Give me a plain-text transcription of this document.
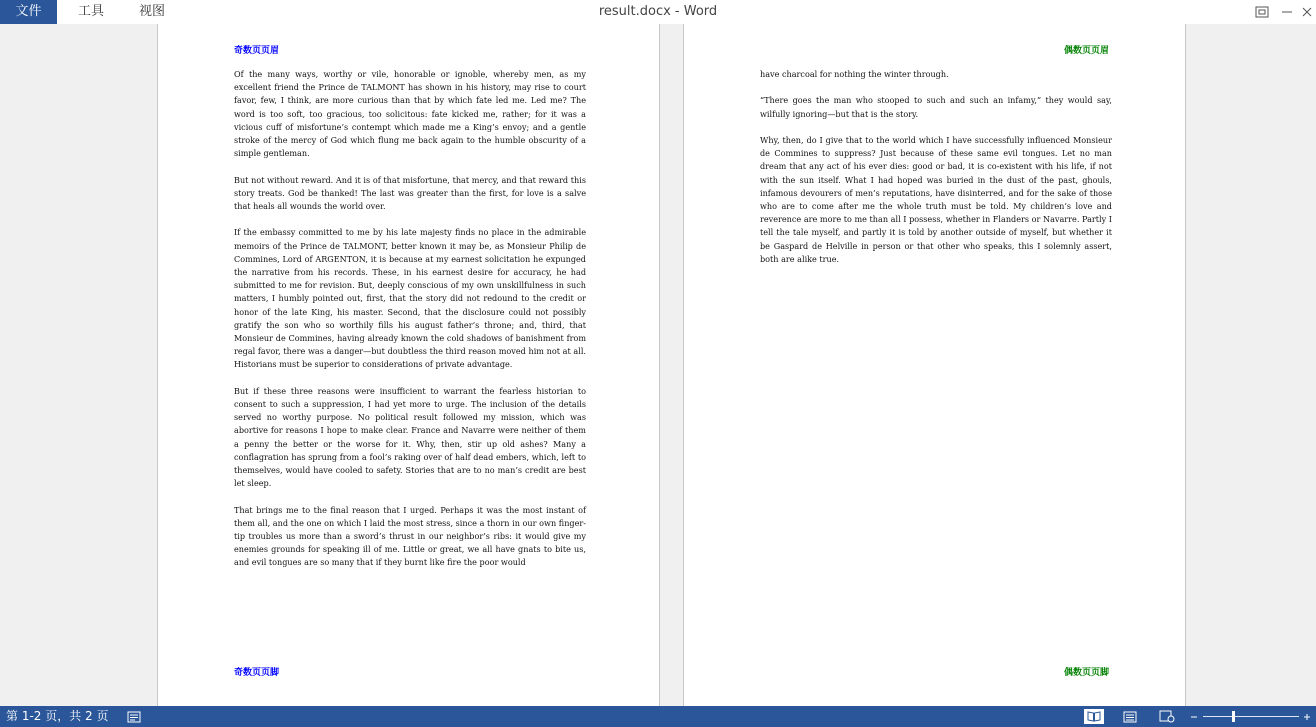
文件	工具	视图	result.docx - Word
奇数页页眉

Of the many ways, worthy or vile, honorable or ignoble, whereby men, as my excellent friend the Prince de TALMONT has shown in his history, may rise to court favor, few, I think, are more curious than that by which fate led me. Led me? The word is too soft, too gracious, too solicitous: fate kicked me, rather; for it was a vicious cuff of misfortune’s contempt which made me a King’s envoy; and a gentle stroke of the mercy of God which flung me back again to the humble obscurity of a simple gentleman.

But not without reward. And it is of that misfortune, that mercy, and that reward this story treats. God be thanked! The last was greater than the first, for love is a salve that heals all wounds the world over.

If the embassy committed to me by his late majesty finds no place in the admirable memoirs of the Prince de TALMONT, better known it may be, as Monsieur Philip de Commines, Lord of ARGENTON, it is because at my earnest solicitation he expunged the narrative from his records. These, in his earnest desire for accuracy, he had submitted to me for revision. But, deeply conscious of my own unskillfulness in such matters, I humbly pointed out, first, that the story did not redound to the credit or honor of the late King, his master. Second, that the disclosure could not possibly gratify the son who so worthily fills his august father’s throne; and, third, that Monsieur de Commines, having already known the cold shadows of banishment from regal favor, there was a danger—but doubtless the third reason moved him not at all. Historians must be superior to considerations of private advantage.

But if these three reasons were insufficient to warrant the fearless historian to consent to such a suppression, I had yet more to urge. The inclusion of the details served no worthy purpose. No political result followed my mission, which was abortive for reasons I hope to make clear. France and Navarre were neither of them a penny the better or the worse for it. Why, then, stir up old ashes? Many a conflagration has sprung from a fool’s raking over of half dead embers, which, left to themselves, would have cooled to safety. Stories that are to no man’s credit are best let sleep.

That brings me to the final reason that I urged. Perhaps it was the most instant of them all, and the one on which I laid the most stress, since a thorn in our own finger-tip troubles us more than a sword’s thrust in our neighbor’s ribs: it would give my enemies grounds for speaking ill of me. Little or great, we all have gnats to bite us, and evil tongues are so many that if they burnt like fire the poor would

奇数页页脚
偶数页页眉

have charcoal for nothing the winter through.

“There goes the man who stooped to such and such an infamy,” they would say, wilfully ignoring—but that is the story.

Why, then, do I give that to the world which I have successfully influenced Monsieur de Commines to suppress? Just because of these same evil tongues. Let no man dream that any act of his ever dies: good or bad, it is co-existent with his life, if not with the sun itself. What I had hoped was buried in the dust of the past, ghouls, infamous devourers of men’s reputations, have disinterred, and for the sake of those who are to come after me the whole truth must be told. My children’s love and reverence are more to me than all I possess, whether in Flanders or Navarre. Partly I tell the tale myself, and partly it is told by another outside of myself, but whether it be Gaspard de Helville in person or that other who speaks, this I solemnly assert, both are alike true.

偶数页页脚
第 1-2 页，共 2 页
